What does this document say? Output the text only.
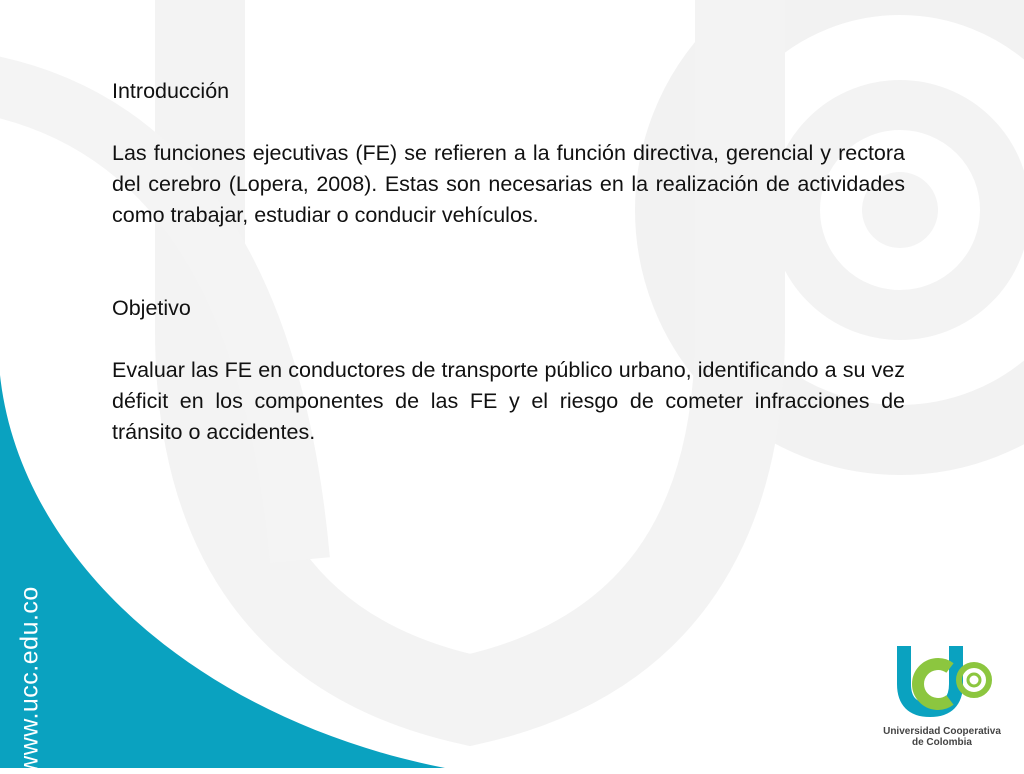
Introducción

Las funciones ejecutivas (FE) se refieren a la función directiva, gerencial y rectora del cerebro (Lopera, 2008). Estas son necesarias en la realización de actividades como trabajar, estudiar o conducir vehículos.

Objetivo

Evaluar las FE en conductores de transporte público urbano, identificando a su vez déficit en los componentes de las FE y el riesgo de cometer infracciones de tránsito o accidentes.

www.ucc.edu.co	Universidad Cooperativa
de Colombia
